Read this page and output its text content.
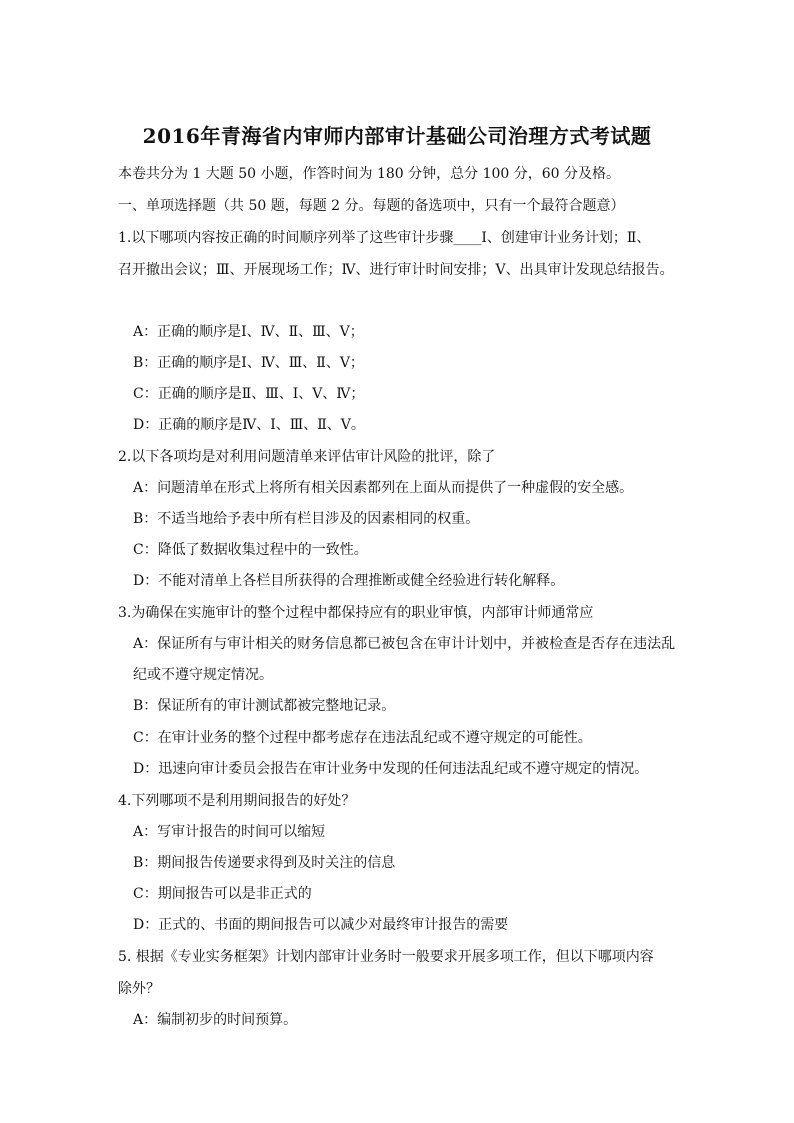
2016年青海省内审师内部审计基础公司治理方式考试题
本卷共分为 1 大题 50 小题，作答时间为 180 分钟，总分 100 分，60 分及格。
一、单项选择题（共 50 题，每题 2 分。每题的备选项中，只有一个最符合题意）
1.以下哪项内容按正确的时间顺序列举了这些审计步骤____Ⅰ、创建审计业务计划；Ⅱ、
召开撤出会议；Ⅲ、开展现场工作；Ⅳ、进行审计时间安排；Ⅴ、出具审计发现总结报告。
A：正确的顺序是Ⅰ、Ⅳ、Ⅱ、Ⅲ、Ⅴ；
B：正确的顺序是Ⅰ、Ⅳ、Ⅲ、Ⅱ、Ⅴ；
C：正确的顺序是Ⅱ、Ⅲ、Ⅰ、Ⅴ、Ⅳ；
D：正确的顺序是Ⅳ、Ⅰ、Ⅲ、Ⅱ、Ⅴ。
2.以下各项均是对利用问题清单来评估审计风险的批评，除了
A：问题清单在形式上将所有相关因素都列在上面从而提供了一种虚假的安全感。
B：不适当地给予表中所有栏目涉及的因素相同的权重。
C：降低了数据收集过程中的一致性。
D：不能对清单上各栏目所获得的合理推断或健全经验进行转化解释。
3.为确保在实施审计的整个过程中都保持应有的职业审慎，内部审计师通常应
A：保证所有与审计相关的财务信息都已被包含在审计计划中，并被检查是否存在违法乱
纪或不遵守规定情况。
B：保证所有的审计测试都被完整地记录。
C：在审计业务的整个过程中都考虑存在违法乱纪或不遵守规定的可能性。
D：迅速向审计委员会报告在审计业务中发现的任何违法乱纪或不遵守规定的情况。
4.下列哪项不是利用期间报告的好处？
A：写审计报告的时间可以缩短
B：期间报告传递要求得到及时关注的信息
C：期间报告可以是非正式的
D：正式的、书面的期间报告可以减少对最终审计报告的需要
5. 根据《专业实务框架》计划内部审计业务时一般要求开展多项工作，但以下哪项内容
除外？
A：编制初步的时间预算。
